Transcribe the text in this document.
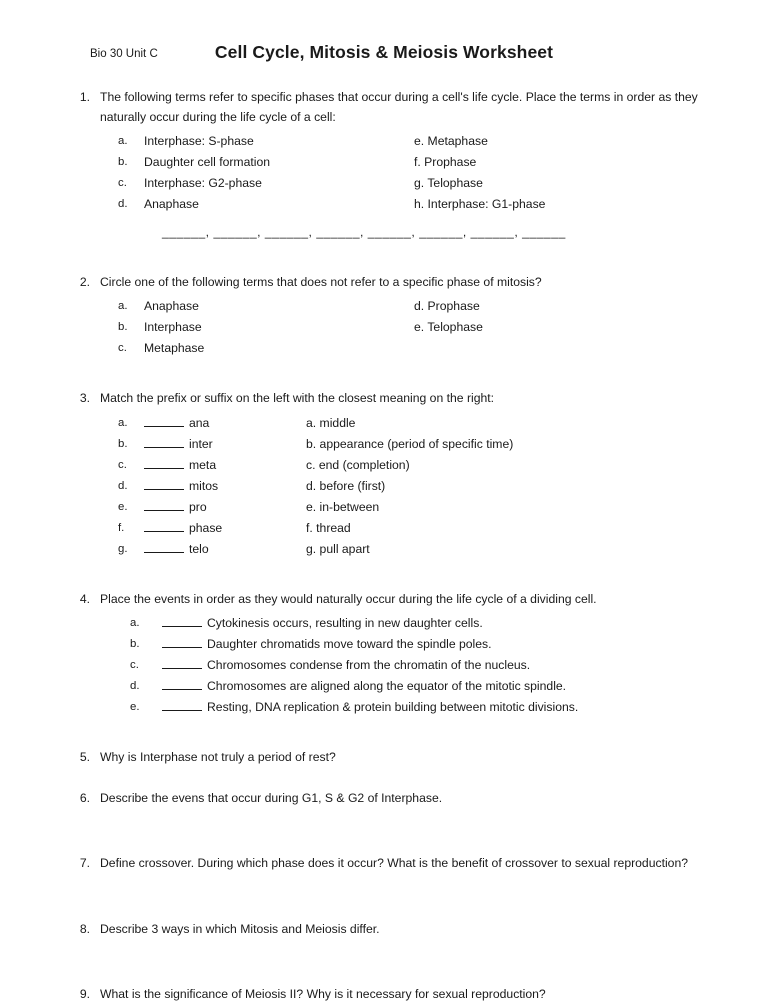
Bio 30 Unit C	Cell Cycle, Mitosis & Meiosis Worksheet
1. The following terms refer to specific phases that occur during a cell's life cycle. Place the terms in order as they naturally occur during the life cycle of a cell:
a.	Interphase: S-phase	e. Metaphase
b.	Daughter cell formation	f. Prophase
c.	Interphase: G2-phase	g. Telophase
d.	Anaphase	h. Interphase: G1-phase
______, ______, ______, ______, ______, ______, ______, ______
2. Circle one of the following terms that does not refer to a specific phase of mitosis?
a.	Anaphase	d. Prophase
b.	Interphase	e. Telophase
c.	Metaphase
3. Match the prefix or suffix on the left with the closest meaning on the right:
a.	ana	a. middle
b.	inter	b. appearance (period of specific time)
c.	meta	c. end (completion)
d.	mitos	d. before (first)
e.	pro	e. in-between
f.	phase	f. thread
g.	telo	g. pull apart
4. Place the events in order as they would naturally occur during the life cycle of a dividing cell.
a.	Cytokinesis occurs, resulting in new daughter cells.
b.	Daughter chromatids move toward the spindle poles.
c.	Chromosomes condense from the chromatin of the nucleus.
d.	Chromosomes are aligned along the equator of the mitotic spindle.
e.	Resting, DNA replication & protein building between mitotic divisions.
5. Why is Interphase not truly a period of rest?
6. Describe the evens that occur during G1, S & G2 of Interphase.
7. Define crossover. During which phase does it occur? What is the benefit of crossover to sexual reproduction?
8. Describe 3 ways in which Mitosis and Meiosis differ.
9. What is the significance of Meiosis II? Why is it necessary for sexual reproduction?
